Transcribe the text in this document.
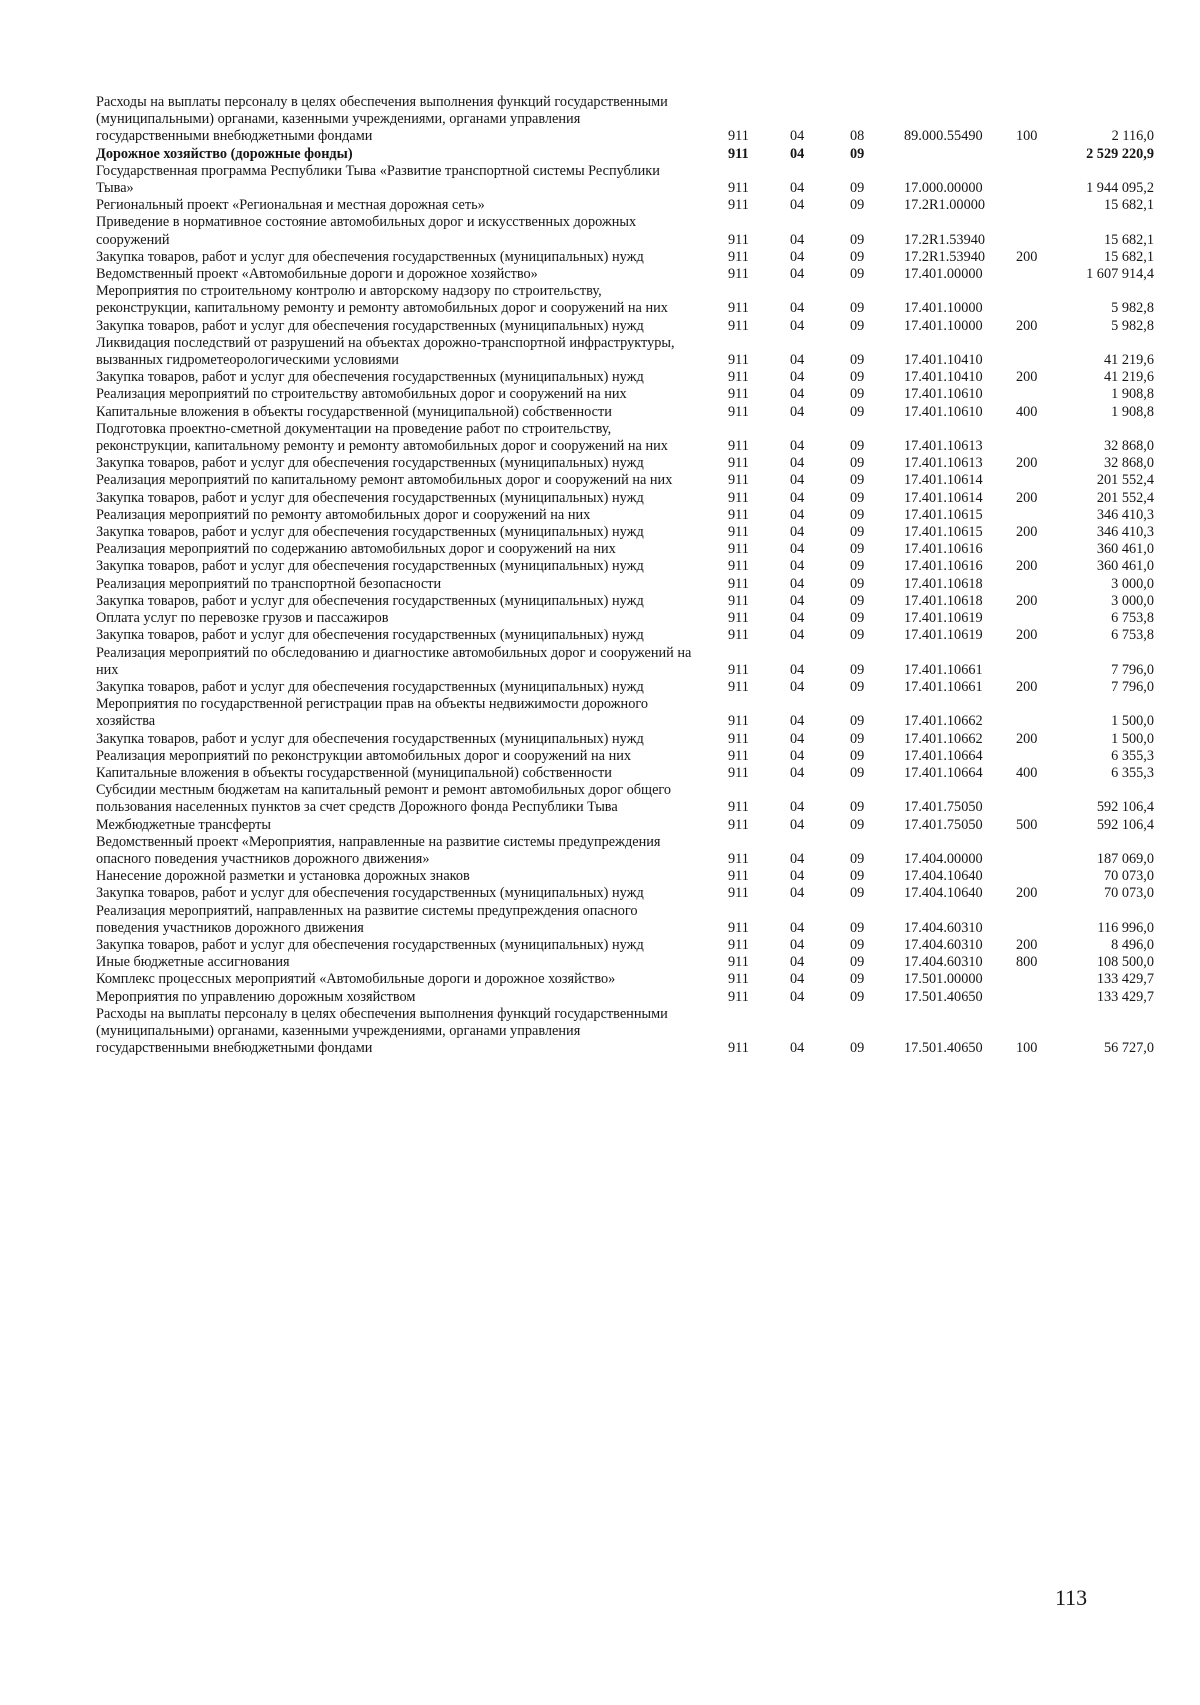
Расходы на выплаты персоналу в целях обеспечения выполнения функций государственными (муниципальными) органами, казенными учреждениями, органами управления государственными внебюджетными фондами	911	04	08	89.000.55490	100	2 116,0
Дорожное хозяйство (дорожные фонды)	911	04	09	2 529 220,9
Государственная программа Республики Тыва «Развитие транспортной системы Республики Тыва»	911	04	09	17.000.00000	1 944 095,2
Региональный проект «Региональная и местная дорожная сеть»	911	04	09	17.2R1.00000	15 682,1
Приведение в нормативное состояние автомобильных дорог и искусственных дорожных сооружений	911	04	09	17.2R1.53940	15 682,1
Закупка товаров, работ и услуг для обеспечения государственных (муниципальных) нужд	911	04	09	17.2R1.53940	200	15 682,1
Ведомственный проект «Автомобильные дороги и дорожное хозяйство»	911	04	09	17.401.00000	1 607 914,4
Мероприятия по строительному контролю и авторскому надзору по строительству, реконструкции, капитальному ремонту и ремонту автомобильных дорог и сооружений на них	911	04	09	17.401.10000	5 982,8
Закупка товаров, работ и услуг для обеспечения государственных (муниципальных) нужд	911	04	09	17.401.10000	200	5 982,8
Ликвидация последствий от разрушений на объектах дорожно-транспортной инфраструктуры, вызванных гидрометеорологическими условиями	911	04	09	17.401.10410	41 219,6
Закупка товаров, работ и услуг для обеспечения государственных (муниципальных) нужд	911	04	09	17.401.10410	200	41 219,6
Реализация мероприятий по строительству автомобильных дорог и сооружений на них	911	04	09	17.401.10610	1 908,8
Капитальные вложения в объекты государственной (муниципальной) собственности	911	04	09	17.401.10610	400	1 908,8
Подготовка проектно-сметной документации на проведение работ по строительству, реконструкции, капитальному ремонту и ремонту автомобильных дорог и сооружений на них	911	04	09	17.401.10613	32 868,0
Закупка товаров, работ и услуг для обеспечения государственных (муниципальных) нужд	911	04	09	17.401.10613	200	32 868,0
Реализация мероприятий по капитальному ремонт автомобильных дорог и сооружений на них	911	04	09	17.401.10614	201 552,4
Закупка товаров, работ и услуг для обеспечения государственных (муниципальных) нужд	911	04	09	17.401.10614	200	201 552,4
Реализация мероприятий по ремонту автомобильных дорог и сооружений на них	911	04	09	17.401.10615	346 410,3
Закупка товаров, работ и услуг для обеспечения государственных (муниципальных) нужд	911	04	09	17.401.10615	200	346 410,3
Реализация мероприятий по содержанию автомобильных дорог и сооружений на них	911	04	09	17.401.10616	360 461,0
Закупка товаров, работ и услуг для обеспечения государственных (муниципальных) нужд	911	04	09	17.401.10616	200	360 461,0
Реализация мероприятий по транспортной безопасности	911	04	09	17.401.10618	3 000,0
Закупка товаров, работ и услуг для обеспечения государственных (муниципальных) нужд	911	04	09	17.401.10618	200	3 000,0
Оплата услуг по перевозке грузов и пассажиров	911	04	09	17.401.10619	6 753,8
Закупка товаров, работ и услуг для обеспечения государственных (муниципальных) нужд	911	04	09	17.401.10619	200	6 753,8
Реализация мероприятий по обследованию и диагностике автомобильных дорог и сооружений на них	911	04	09	17.401.10661	7 796,0
Закупка товаров, работ и услуг для обеспечения государственных (муниципальных) нужд	911	04	09	17.401.10661	200	7 796,0
Мероприятия по государственной регистрации прав на объекты недвижимости дорожного хозяйства	911	04	09	17.401.10662	1 500,0
Закупка товаров, работ и услуг для обеспечения государственных (муниципальных) нужд	911	04	09	17.401.10662	200	1 500,0
Реализация мероприятий по реконструкции автомобильных дорог и сооружений на них	911	04	09	17.401.10664	6 355,3
Капитальные вложения в объекты государственной (муниципальной) собственности	911	04	09	17.401.10664	400	6 355,3
Субсидии местным бюджетам на капитальный ремонт и ремонт автомобильных дорог общего пользования населенных пунктов за счет средств Дорожного фонда Республики Тыва	911	04	09	17.401.75050	592 106,4
Межбюджетные трансферты	911	04	09	17.401.75050	500	592 106,4
Ведомственный проект «Мероприятия, направленные на развитие системы предупреждения опасного поведения участников дорожного движения»	911	04	09	17.404.00000	187 069,0
Нанесение дорожной разметки и установка дорожных знаков	911	04	09	17.404.10640	70 073,0
Закупка товаров, работ и услуг для обеспечения государственных (муниципальных) нужд	911	04	09	17.404.10640	200	70 073,0
Реализация мероприятий, направленных на развитие системы предупреждения опасного поведения участников дорожного движения	911	04	09	17.404.60310	116 996,0
Закупка товаров, работ и услуг для обеспечения государственных (муниципальных) нужд	911	04	09	17.404.60310	200	8 496,0
Иные бюджетные ассигнования	911	04	09	17.404.60310	800	108 500,0
Комплекс процессных мероприятий «Автомобильные дороги и дорожное хозяйство»	911	04	09	17.501.00000	133 429,7
Мероприятия по управлению дорожным хозяйством	911	04	09	17.501.40650	133 429,7
Расходы на выплаты персоналу в целях обеспечения выполнения функций государственными (муниципальными) органами, казенными учреждениями, органами управления государственными внебюджетными фондами	911	04	09	17.501.40650	100	56 727,0
113
